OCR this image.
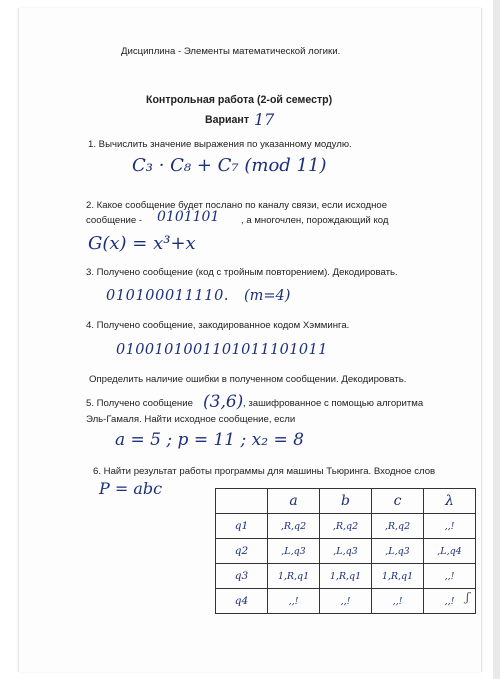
Дисциплина - Элементы математической логики.
Контрольная работа (2-ой семестр)
Вариант 17
1. Вычислить значение выражения по указанному модулю.
C₃ · C₈ + C₇ (mod 11)
2. Какое сообщение будет послано по каналу связи, если исходное
сообщение - 0101101 , а многочлен, порождающий код
G(x) = x³+x
3. Получено сообщение (код с тройным повторением). Декодировать.
010100011110. (m=4)
4. Получено сообщение, закодированное кодом Хэмминга.
0100101001101011101011
Определить наличие ошибки в полученном сообщении. Декодировать.
5. Получено сообщение (3,6) , зашифрованное с помощью алгоритма
Эль-Гамаля. Найти исходное сообщение, если
a = 5 ; p = 11 ; x₂ = 8
6. Найти результат работы программы для машины Тьюринга. Входное слов
P = abc
	a	b	c	λ
q1	,R,q2	,R,q2	,R,q2	,,!
q2	,L,q3	,L,q3	,L,q3	,L,q4
q3	1,R,q1	1,R,q1	1,R,q1	,,!
q4	,,!	,,!	,,!	,,! ʃ
